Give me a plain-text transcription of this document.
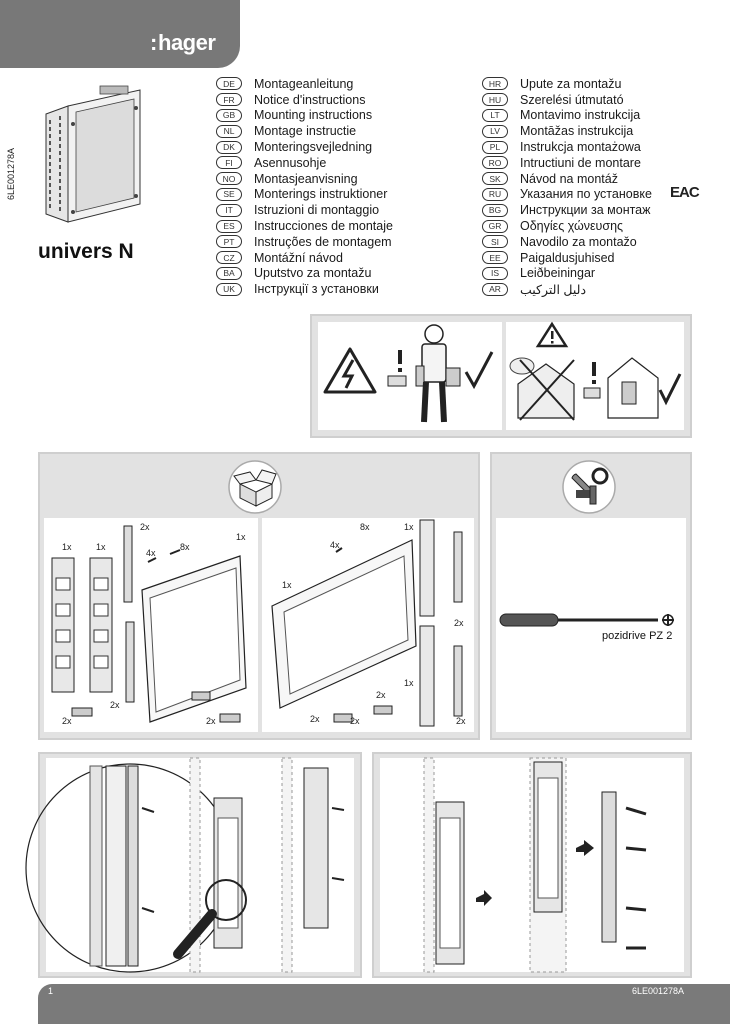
:hager
6LE001278A
univers N
DE	Montageanleitung
FR	Notice d'instructions
GB	Mounting instructions
NL	Montage instructie
DK	Monteringsvejledning
FI	Asennusohje
NO	Montasjeanvisning
SE	Monterings instruktioner
IT	Istruzioni di montaggio
ES	Instrucciones de montaje
PT	Instruções de montagem
CZ	Montážní návod
BA	Uputstvo za montažu
UK	Інструкції з установки
HR	Upute za montažu
HU	Szerelési útmutató
LT	Montavimo instrukcija
LV	Montāžas instrukcija
PL	Instrukcja montażowa
RO	Intructiuni de montare
SK	Návod na montáž
RU	Указания по установке
BG	Инструкции за монтаж
GR	Οδηγίες χώνευσης
SI	Navodilo za montažo
EE	Paigaldusjuhised
IS	Leiðbeiningar
AR	دليل التركيب
EAC
1x	1x
2x
4x
8x
1x
2x
2x
2x
8x	1x
4x
1x
2x
1x
2x
2x	2x	2x
pozidrive PZ 2
1	6LE001278A
